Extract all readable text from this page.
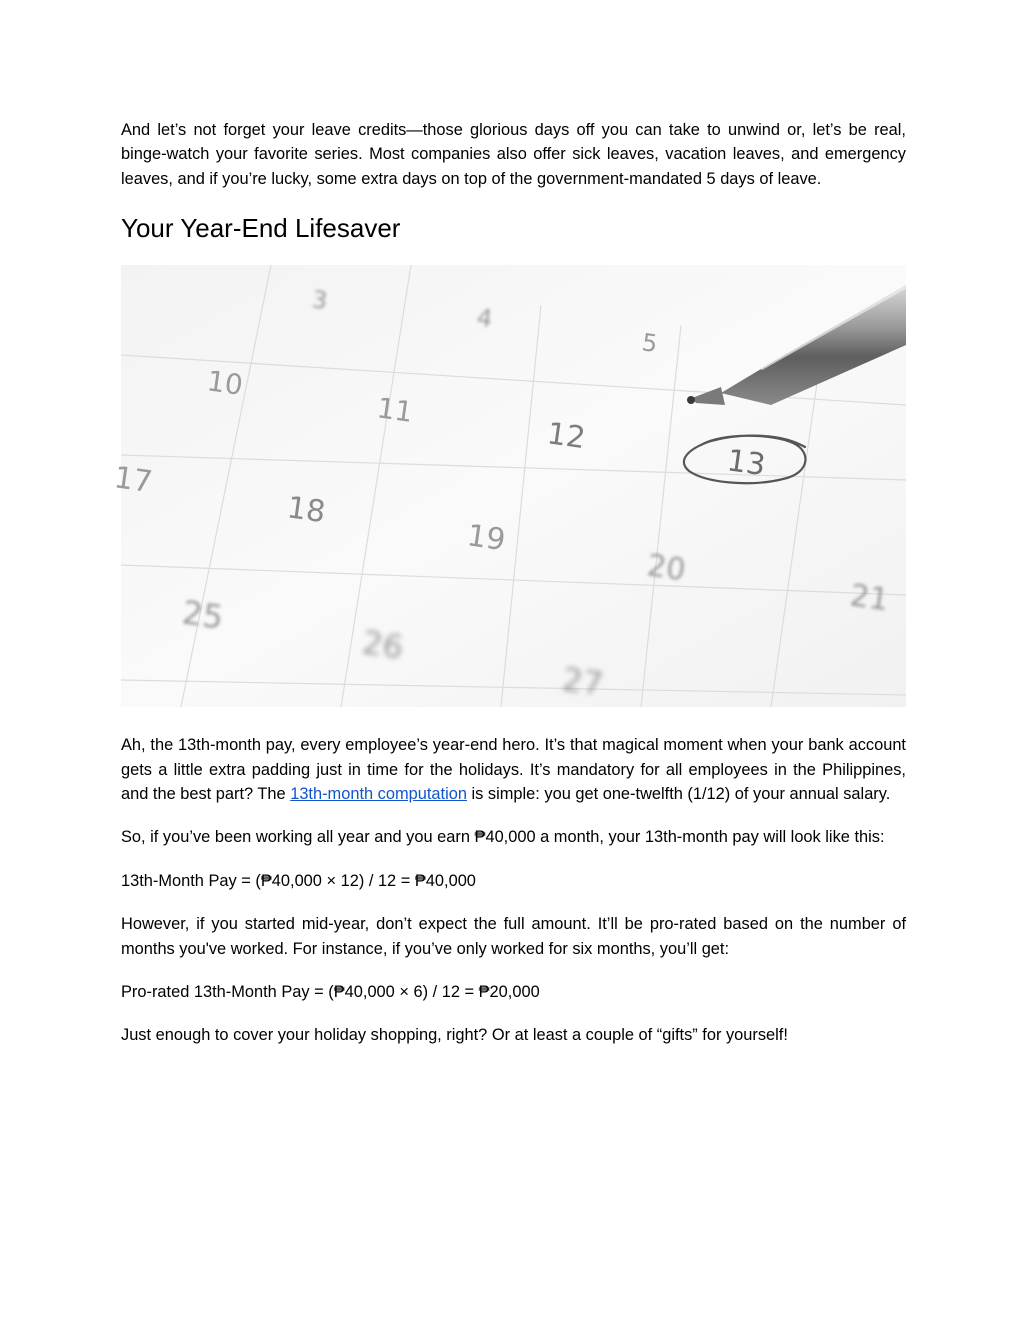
And let’s not forget your leave credits—those glorious days off you can take to unwind or, let’s be real, binge-watch your favorite series. Most companies also offer sick leaves, vacation leaves, and emergency leaves, and if you’re lucky, some extra days on top of the government-mandated 5 days of leave.

Your Year-End Lifesaver
3
4
5
10
11
12
13
17
18
19
20
21
25
26
27

Ah, the 13th-month pay, every employee’s year-end hero. It’s that magical moment when your bank account gets a little extra padding just in time for the holidays. It’s mandatory for all employees in the Philippines, and the best part? The 13th-month computation is simple: you get one-twelfth (1/12) of your annual salary.

So, if you’ve been working all year and you earn ₱40,000 a month, your 13th-month pay will look like this:

13th-Month Pay = (₱40,000 × 12) / 12 = ₱40,000

However, if you started mid-year, don’t expect the full amount. It’ll be pro-rated based on the number of months you've worked. For instance, if you’ve only worked for six months, you’ll get:

Pro-rated 13th-Month Pay = (₱40,000 × 6) / 12 = ₱20,000

Just enough to cover your holiday shopping, right? Or at least a couple of “gifts” for yourself!
